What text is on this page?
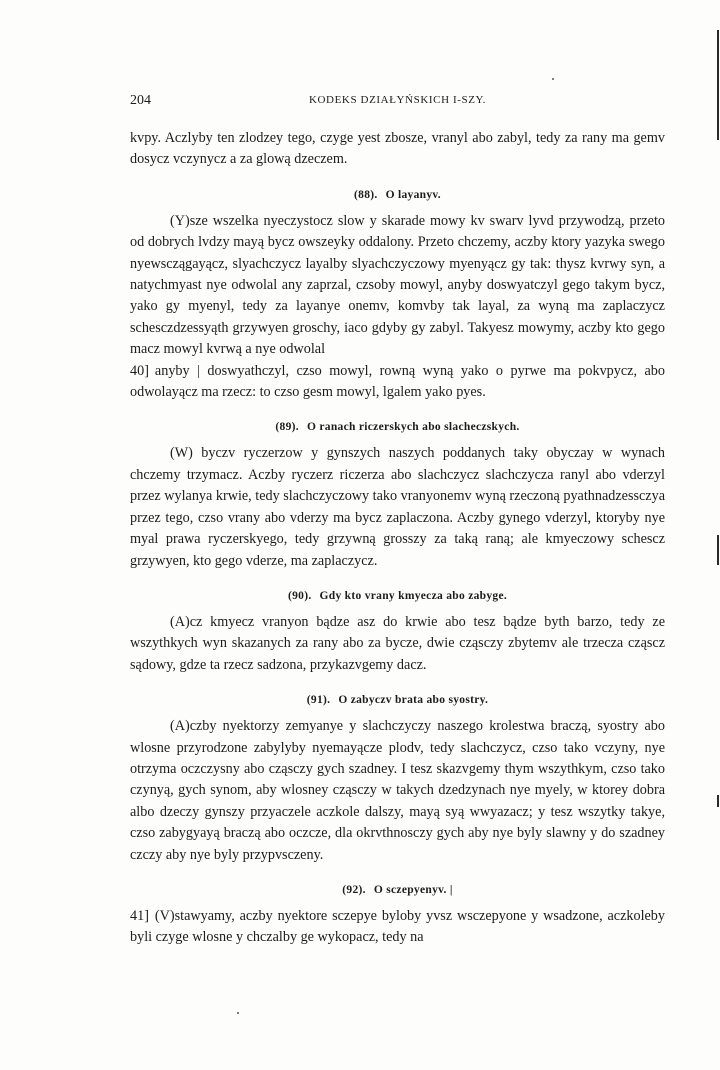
204	KODEKS DZIAŁYŃSKICH I-SZY.

kvpy. Aczlyby ten zlodzey tego, czyge yest zbosze, vranyl abo zabyl, tedy za rany ma gemv dosycz vczynycz a za glową dzeczem.

(88). O layanyv.

(Y)sze wszelka nyeczystocz slow y skarade mowy kv swarv lyvd przywodzą, przeto od dobrych lvdzy mayą bycz owszeyky oddalony. Przeto chczemy, aczby ktory yazyka swego nyewsczągayącz, slyachczycz layalby slyachczyczowy myenyącz gy tak: thysz kvrwy syn, a natychmyast nye odwolal any zaprzal, czsoby mowyl, anyby doswyatczyl gego takym bycz, yako gy myenyl, tedy za layanye onemv, komvby tak layal, za wyną ma zaplaczycz schesczdzessyąth grzywyen groschy, iaco gdyby gy zabyl. Takyesz mowymy, aczby kto gego macz mowyl kvrwą a nye odwolal

40] anyby | doswyathczyl, czso mowyl, rowną wyną yako o pyrwe ma pokvpycz, abo odwolayącz ma rzecz: to czso gesm mowyl, lgalem yako pyes.

(89). O ranach riczerskych abo slacheczskych.

(W) byczv ryczerzow y gynszych naszych poddanych taky obyczay w wynach chczemy trzymacz. Aczby ryczerz riczerza abo slachczycz slachczycza ranyl abo vderzyl przez wylanya krwie, tedy slachczyczowy tako vranyonemv wyną rzeczoną pyathnadzessczya przez tego, czso vrany abo vderzy ma bycz zaplaczona. Aczby gynego vderzyl, ktoryby nye myal prawa ryczerskyego, tedy grzywną grosszy za taką raną; ale kmyeczowy schescz grzywyen, kto gego vderze, ma zaplaczycz.

(90). Gdy kto vrany kmyecza abo zabyge.

(A)cz kmyecz vranyon bądze asz do krwie abo tesz bądze byth barzo, tedy ze wszythkych wyn skazanych za rany abo za bycze, dwie cząsczy zbytemv ale trzecza cząscz sądowy, gdze ta rzecz sadzona, przykazvgemy dacz.

(91). O zabyczv brata abo syostry.

(A)czby nyektorzy zemyanye y slachczyczy naszego krolestwa braczą, syostry abo wlosne przyrodzone zabylyby nyemayącze plodv, tedy slachczycz, czso tako vczyny, nye otrzyma oczczysny abo cząsczy gych szadney. I tesz skazvgemy thym wszythkym, czso tako czynyą, gych synom, aby wlosney cząsczy w takych dzedzynach nye myely, w ktorey dobra albo dzeczy gynszy przyaczele aczkole dalszy, mayą syą wwyazacz; y tesz wszytky takye, czso zabygyayą braczą abo oczcze, dla okrvthnosczy gych aby nye byly slawny y do szadney czczy aby nye byly przypvsczeny.

(92). O sczepyenyv. |

41] (V)stawyamy, aczby nyektore sczepye byloby yvsz wsczepyone y wsadzone, aczkoleby byli czyge wlosne y chczalby ge wykopacz, tedy na
